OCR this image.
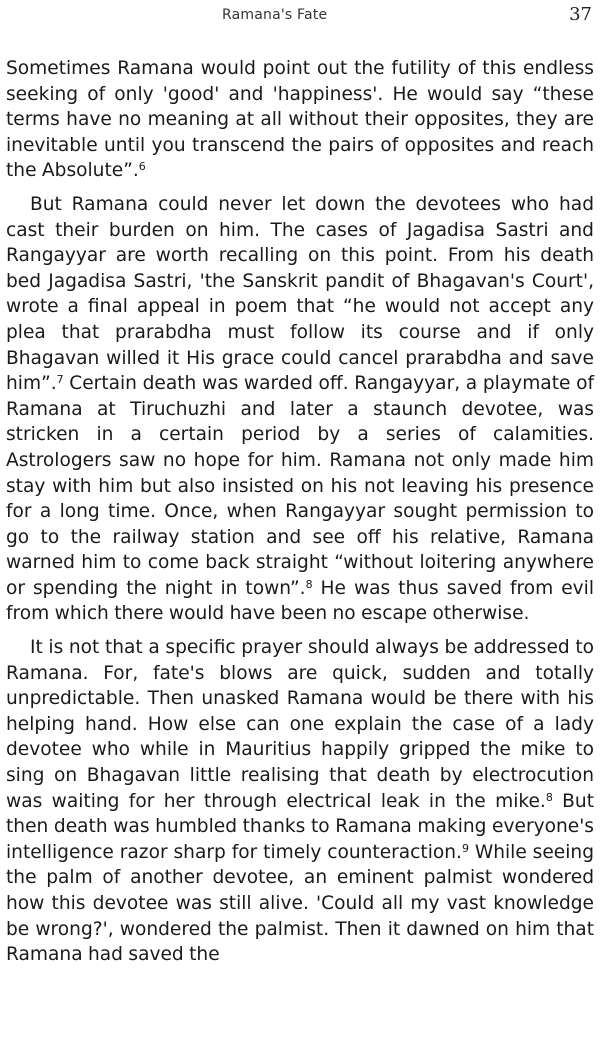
Ramana's Fate	37

Sometimes Ramana would point out the futility of this endless seeking of only 'good' and 'happiness'. He would say “these terms have no meaning at all without their opposites, they are inevitable until you transcend the pairs of opposites and reach the Absolute”.$^6$

But Ramana could never let down the devotees who had cast their burden on him. The cases of Jagadisa Sastri and Rangayyar are worth recalling on this point. From his death bed Jagadisa Sastri, 'the Sanskrit pandit of Bhagavan's Court', wrote a final appeal in poem that “he would not accept any plea that prarabdha must follow its course and if only Bhagavan willed it His grace could cancel prarabdha and save him”.$^7$ Certain death was warded off. Rangayyar, a playmate of Ramana at Tiruchuzhi and later a staunch devotee, was stricken in a certain period by a series of calamities. Astrologers saw no hope for him. Ramana not only made him stay with him but also insisted on his not leaving his presence for a long time. Once, when Rangayyar sought permission to go to the railway station and see off his relative, Ramana warned him to come back straight “without loitering anywhere or spending the night in town”.$^8$ He was thus saved from evil from which there would have been no escape otherwise.

It is not that a specific prayer should always be addressed to Ramana. For, fate's blows are quick, sudden and totally unpredictable. Then unasked Ramana would be there with his helping hand. How else can one explain the case of a lady devotee who while in Mauritius happily gripped the mike to sing on Bhagavan little realising that death by electrocution was waiting for her through electrical leak in the mike.$^8$ But then death was humbled thanks to Ramana making everyone's intelligence razor sharp for timely counteraction.$^9$ While seeing the palm of another devotee, an eminent palmist wondered how this devotee was still alive. 'Could all my vast knowledge be wrong?', wondered the palmist. Then it dawned on him that Ramana had saved the
